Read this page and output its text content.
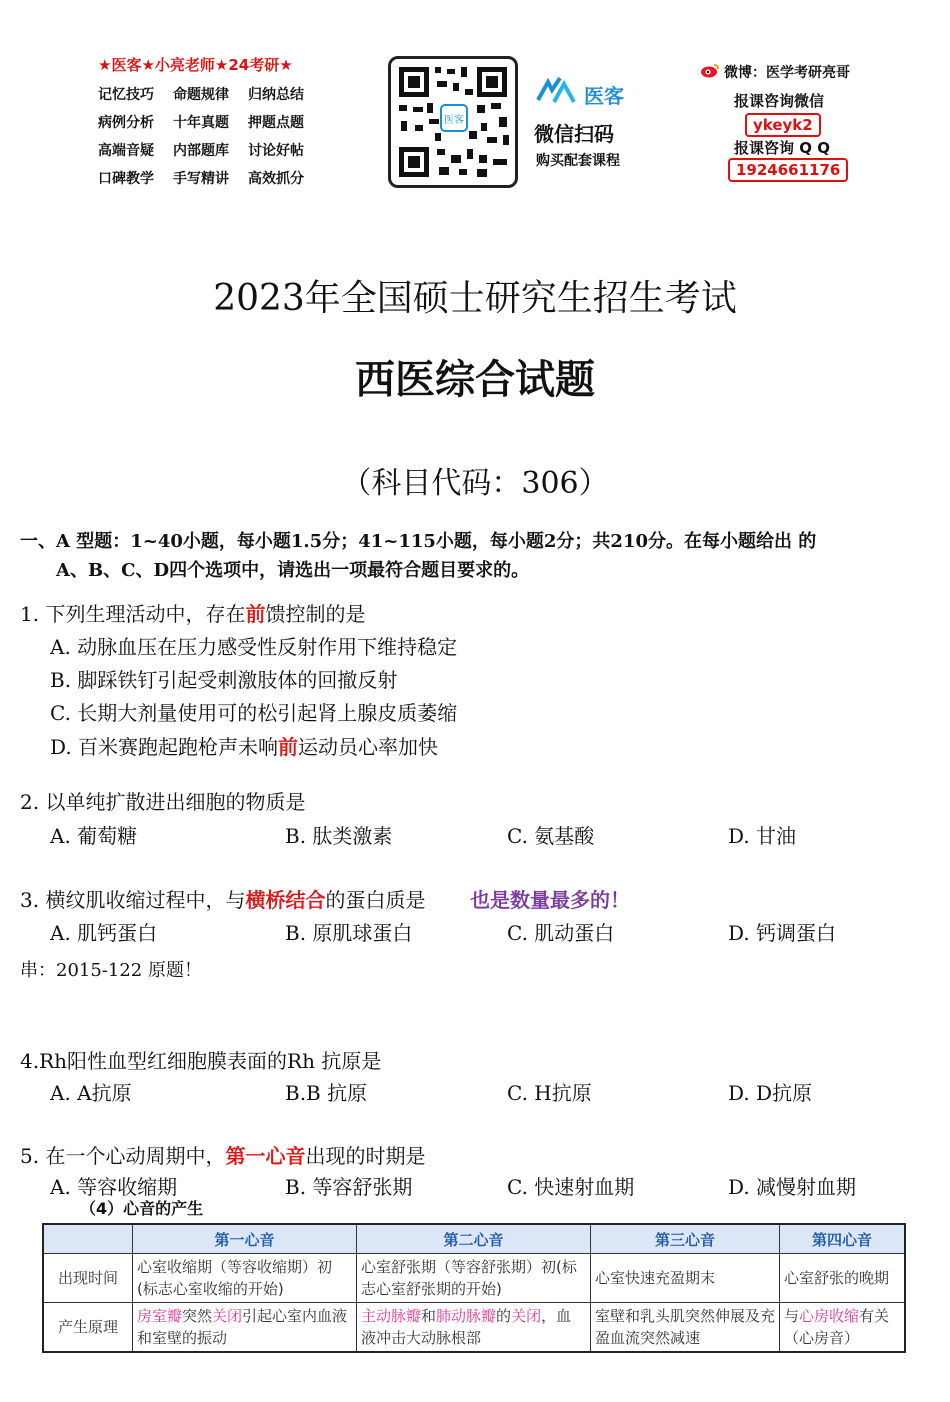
★医客★小亮老师★24考研★
记忆技巧	命题规律	归纳总结
病例分析	十年真题	押题点题
高端音疑	内部题库	讨论好帖
口碑教学	手写精讲	高效抓分
医客
医客
微信扫码
购买配套课程
微博：医学考研亮哥
报课咨询微信
ykeyk2
报课咨询 Q Q
1924661176
2023年全国硕士研究生招生考试
西医综合试题
（科目代码：306）
一、A 型题：1~40小题，每小题1.5分；41~115小题，每小题2分；共210分。在每小题给出 的
A、B、C、D四个选项中，请选出一项最符合题目要求的。
1. 下列生理活动中，存在前馈控制的是
A. 动脉血压在压力感受性反射作用下维持稳定
B. 脚踩铁钉引起受刺激肢体的回撤反射
C. 长期大剂量使用可的松引起肾上腺皮质萎缩
D. 百米赛跑起跑枪声未响前运动员心率加快
2. 以单纯扩散进出细胞的物质是
A. 葡萄糖	B. 肽类激素	C. 氨基酸	D. 甘油
3. 横纹肌收缩过程中，与横桥结合的蛋白质是 也是数量最多的！
A. 肌钙蛋白	B. 原肌球蛋白	C. 肌动蛋白	D. 钙调蛋白
串：2015-122 原题！
4.Rh阳性血型红细胞膜表面的Rh 抗原是
A. A抗原	B.B 抗原	C. H抗原	D. D抗原
5. 在一个心动周期中，第一心音出现的时期是
A. 等容收缩期	B. 等容舒张期	C. 快速射血期	D. 减慢射血期
（4）心音的产生
	第一心音	第二心音	第三心音	第四心音
出现时间	心室收缩期（等容收缩期）初(标志心室收缩的开始)	心室舒张期（等容舒张期）初(标志心室舒张期的开始)	心室快速充盈期末	心室舒张的晚期
产生原理	房室瓣突然关闭引起心室内血液和室壁的振动	主动脉瓣和肺动脉瓣的关闭，血液冲击大动脉根部	室壁和乳头肌突然伸展及充盈血流突然减速	与心房收缩有关（心房音）
